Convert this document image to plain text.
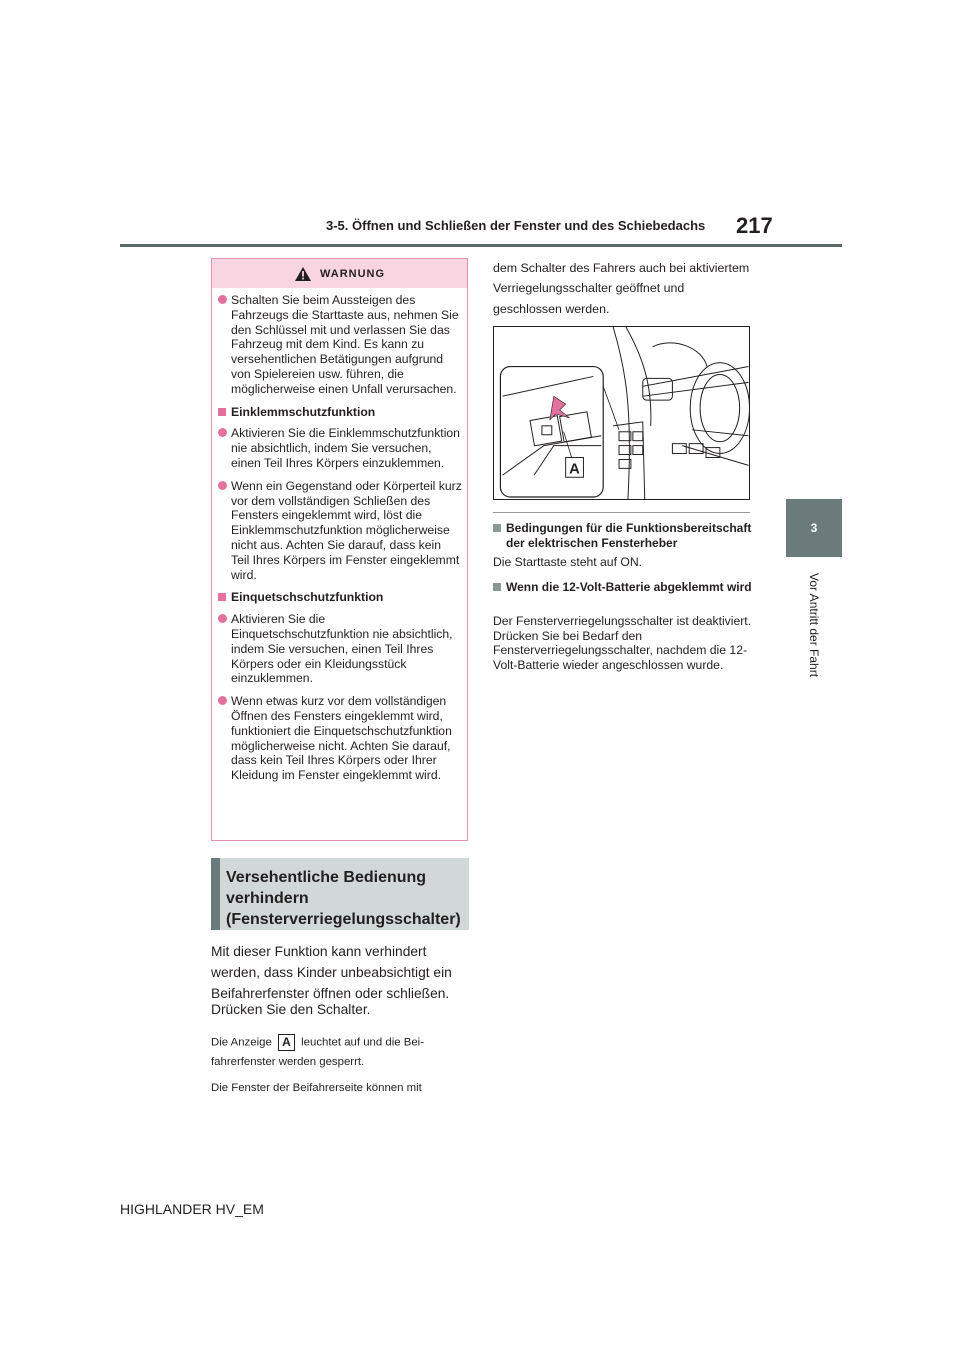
3-5. Öffnen und Schließen der Fenster und des Schiebedachs 217
3
Vor Antritt der Fahrt
WARNUNG
Schalten Sie beim Aussteigen des Fahrzeugs die Starttaste aus, nehmen Sie den Schlüssel mit und verlassen Sie das Fahrzeug mit dem Kind. Es kann zu versehentlichen Betätigungen aufgrund von Spielereien usw. führen, die möglicherweise einen Unfall verursachen.
Einklemmschutzfunktion
Aktivieren Sie die Einklemmschutzfunktion nie absichtlich, indem Sie versuchen, einen Teil Ihres Körpers einzuklemmen.
Wenn ein Gegenstand oder Körperteil kurz vor dem vollständigen Schließen des Fensters eingeklemmt wird, löst die Einklemmschutzfunktion möglicherweise nicht aus. Achten Sie darauf, dass kein Teil Ihres Körpers im Fenster eingeklemmt wird.
Einquetschschutzfunktion
Aktivieren Sie die Einquetschschutzfunktion nie absichtlich, indem Sie versuchen, einen Teil Ihres Körpers oder ein Kleidungsstück einzuklemmen.
Wenn etwas kurz vor dem vollständigen Öffnen des Fensters eingeklemmt wird, funktioniert die Einquetschschutzfunktion möglicherweise nicht. Achten Sie darauf, dass kein Teil Ihres Körpers oder Ihrer Kleidung im Fenster eingeklemmt wird.
Versehentliche Bedienung verhindern (Fensterverriegelungsschalter)
Mit dieser Funktion kann verhindert werden, dass Kinder unbeabsichtigt ein Beifahrerfenster öffnen oder schließen.
Drücken Sie den Schalter.
Die Anzeige A leuchtet auf und die Bei-
fahrerfenster werden gesperrt.
Die Fenster der Beifahrerseite können mit
dem Schalter des Fahrers auch bei aktiviertem Verriegelungsschalter geöffnet und geschlossen werden.
A
Bedingungen für die Funktionsbereitschaft der elektrischen Fensterheber
Die Starttaste steht auf ON.
Wenn die 12-Volt-Batterie abgeklemmt wird
Der Fensterverriegelungsschalter ist deaktiviert. Drücken Sie bei Bedarf den Fensterverriegelungsschalter, nachdem die 12-Volt-Batterie wieder angeschlossen wurde.
HIGHLANDER HV_EM
